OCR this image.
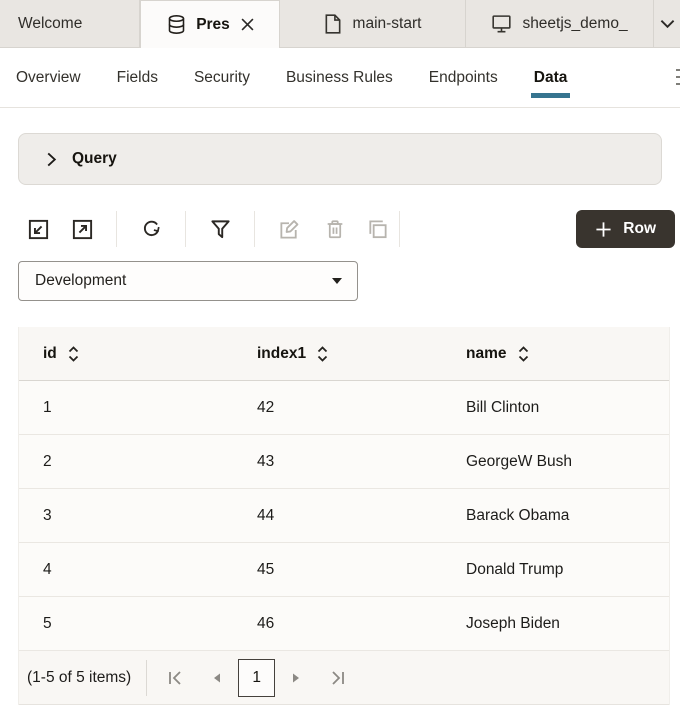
Welcome	Pres	main-start	sheetjs_demo_
Overview Fields Security Business Rules Endpoints Data
Query
Row
Development
id	index1	name
1	42	Bill Clinton
2	43	GeorgeW Bush
3	44	Barack Obama
4	45	Donald Trump
5	46	Joseph Biden
(1-5 of 5 items)	1
